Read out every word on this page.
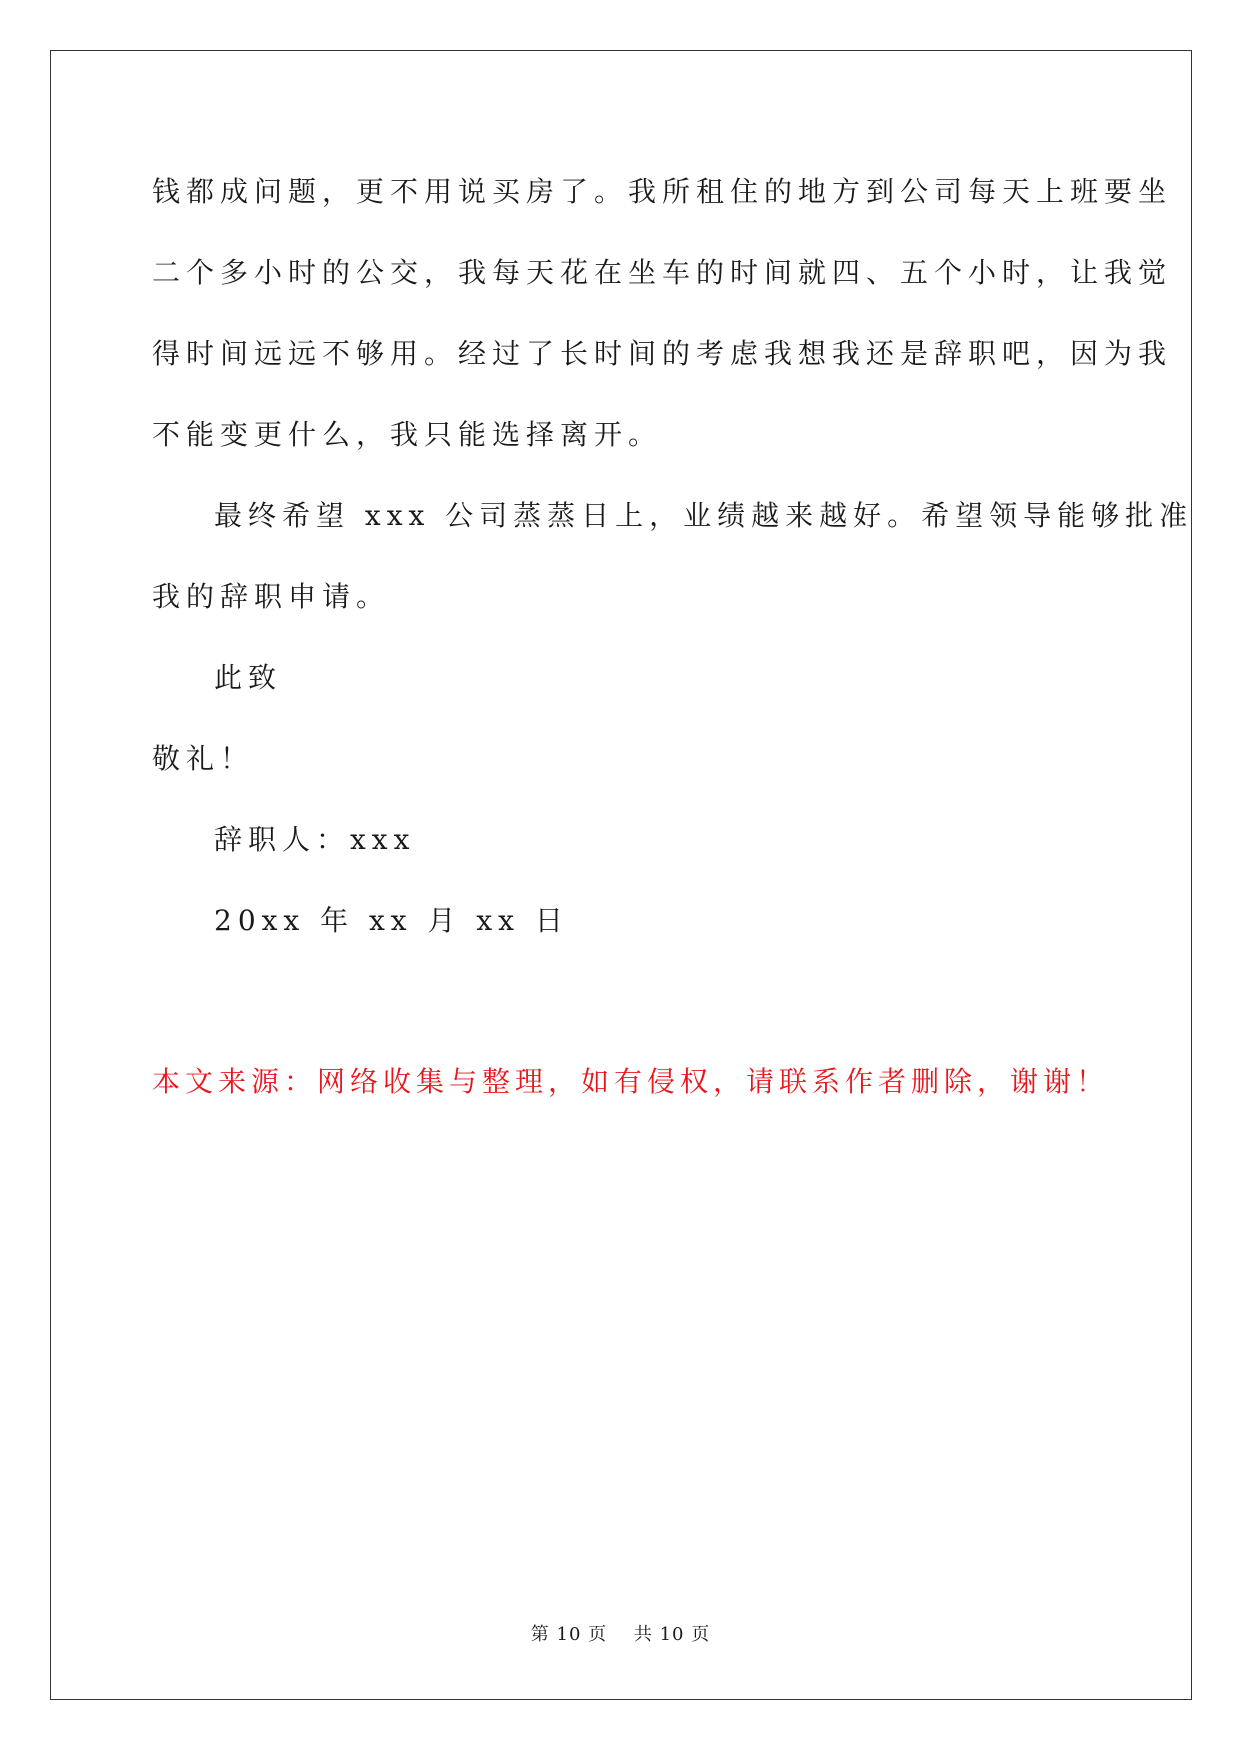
钱都成问题，更不用说买房了。我所租住的地方到公司每天上班要坐
二个多小时的公交，我每天花在坐车的时间就四、五个小时，让我觉
得时间远远不够用。经过了长时间的考虑我想我还是辞职吧，因为我
不能变更什么，我只能选择离开。
最终希望 xxx 公司蒸蒸日上，业绩越来越好。希望领导能够批准
我的辞职申请。
此致
敬礼！
辞职人：xxx
20xx 年 xx 月 xx 日
本文来源：网络收集与整理，如有侵权，请联系作者删除，谢谢！
第 10 页 共 10 页
